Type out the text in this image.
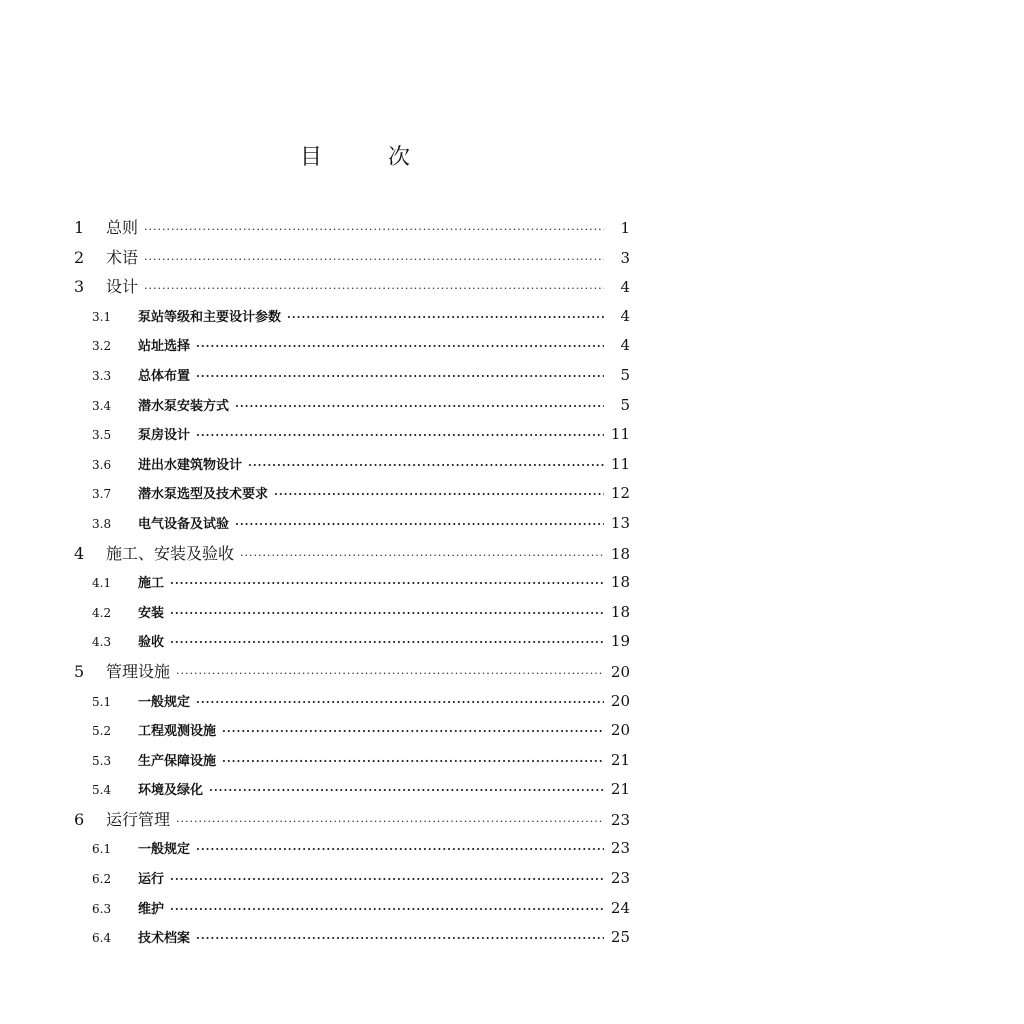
目	次
1	总则 ·····	1
2	术语 ·····	3
3	设计 ·····	4
3.1	泵站等级和主要设计参数 ·····	4
3.2	站址选择 ·····	4
3.3	总体布置 ·····	5
3.4	潜水泵安装方式 ·····	5
3.5	泵房设计 ·····	11
3.6	进出水建筑物设计 ·····	11
3.7	潜水泵选型及技术要求 ·····	12
3.8	电气设备及试验 ·····	13
4	施工、安装及验收 ·····	18
4.1	施工 ·····	18
4.2	安装 ·····	18
4.3	验收 ·····	19
5	管理设施 ·····	20
5.1	一般规定 ·····	20
5.2	工程观测设施 ·····	20
5.3	生产保障设施 ·····	21
5.4	环境及绿化 ·····	21
6	运行管理 ·····	23
6.1	一般规定 ·····	23
6.2	运行 ·····	23
6.3	维护 ·····	24
6.4	技术档案 ·····	25
